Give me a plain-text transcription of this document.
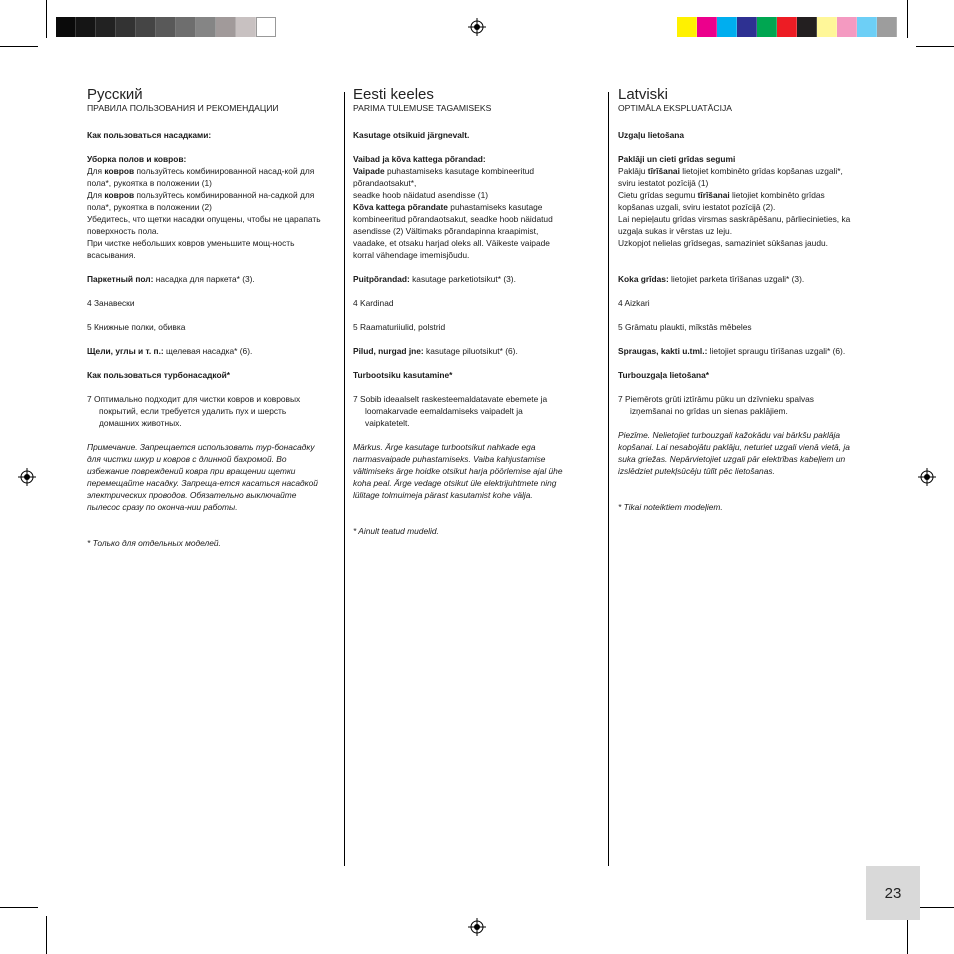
Русский
ПРАВИЛА ПОЛЬЗОВАНИЯ И РЕКОМЕНДАЦИИ
Как пользоваться насадками:
Уборка полов и ковров:
Для ковров пользуйтесь комбинированной насад-кой для пола*, рукоятка в положении (1)
Для ковров пользуйтесь комбинированной на-садкой для пола*, рукоятка в положении (2)
Убедитесь, что щетки насадки опущены, чтобы не царапать поверхность пола.
При чистке небольших ковров уменьшите мощ-ность всасывания.
Паркетный пол: насадка для паркета* (3).
4 Занавески
5 Книжные полки, обивка
Щели, углы и т. п.: щелевая насадка* (6).
Как пользоваться турбонасадкой*
7 Оптимально подходит для чистки ковров и ковровых покрытий, если требуется удалить пух и шерсть домашних животных.
Примечание. Запрещается использовать тур-бонасадку для чистки шкур и ковров с длинной бахромой. Во избежание повреждений ковра при вращении щетки перемещайте насадку. Запреща-ется касаться насадкой электрических проводов. Обязательно выключайте пылесос сразу по оконча-нии работы.
* Только для отдельных моделей.
Eesti keeles
PARIMA TULEMUSE TAGAMISEKS
Kasutage otsikuid järgnevalt.
Vaibad ja kõva kattega põrandad:
Vaipade puhastamiseks kasutage kombineeritud põrandaotsakut*,
seadke hoob näidatud asendisse (1)
Kõva kattega põrandate puhastamiseks kasutage kombineeritud põrandaotsakut, seadke hoob näidatud asendisse (2) Vältimaks põrandapinna kraapimist, vaadake, et otsaku harjad oleks all. Väikeste vaipade korral vähendage imemisjõudu.
Puitpõrandad: kasutage parketiotsikut* (3).
4 Kardinad
5 Raamaturiiulid, polstrid
Pilud, nurgad jne: kasutage piluotsikut* (6).
Turbootsiku kasutamine*
7 Sobib ideaalselt raskesteemaldatavate ebemete ja loomakarvade eemaldamiseks vaipadelt ja vaipkatetelt.
Märkus. Ärge kasutage turbootsikut nahkade ega narmasvaipade puhastamiseks. Vaiba kahjustamise vältimiseks ärge hoidke otsikut harja pöörlemise ajal ühe koha peal. Ärge vedage otsikut üle elektrijuhtmete ning lülitage tolmuimeja pärast kasutamist kohe välja.
* Ainult teatud mudelid.
Latviski
OPTIMĀLA EKSPLUATĀCIJA
Uzgaļu lietošana
Paklāji un cieti grīdas segumi
Paklāju tīrīšanai lietojiet kombinēto grīdas kopšanas uzgali*, sviru iestatot pozīcijā (1)
Cietu grīdas segumu tīrīšanai lietojiet kombinēto grīdas kopšanas uzgali, sviru iestatot pozīcijā (2).
Lai nepieļautu grīdas virsmas saskrāpēšanu, pārliecinieties, ka uzgaļa sukas ir vērstas uz leju.
Uzkopjot nelielas grīdsegas, samaziniet sūkšanas jaudu.
Koka grīdas: lietojiet parketa tīrīšanas uzgali* (3).
4 Aizkari
5 Grāmatu plaukti, mīkstās mēbeles
Spraugas, kakti u.tml.: lietojiet spraugu tīrīšanas uzgali* (6).
Turbouzgaļa lietošana*
7 Piemērots grūti iztīrāmu pūku un dzīvnieku spalvas izņemšanai no grīdas un sienas paklājiem.
Piezīme. Nelietojiet turbouzgali kažokādu vai bārkšu paklāja kopšanai. Lai nesabojātu paklāju, neturiet uzgali vienā vietā, ja suka griežas. Nepārvietojiet uzgali pār elektrības kabeļiem un izslēdziet putekļsūcēju tūlīt pēc lietošanas.
* Tikai noteiktiem modeļiem.
23
